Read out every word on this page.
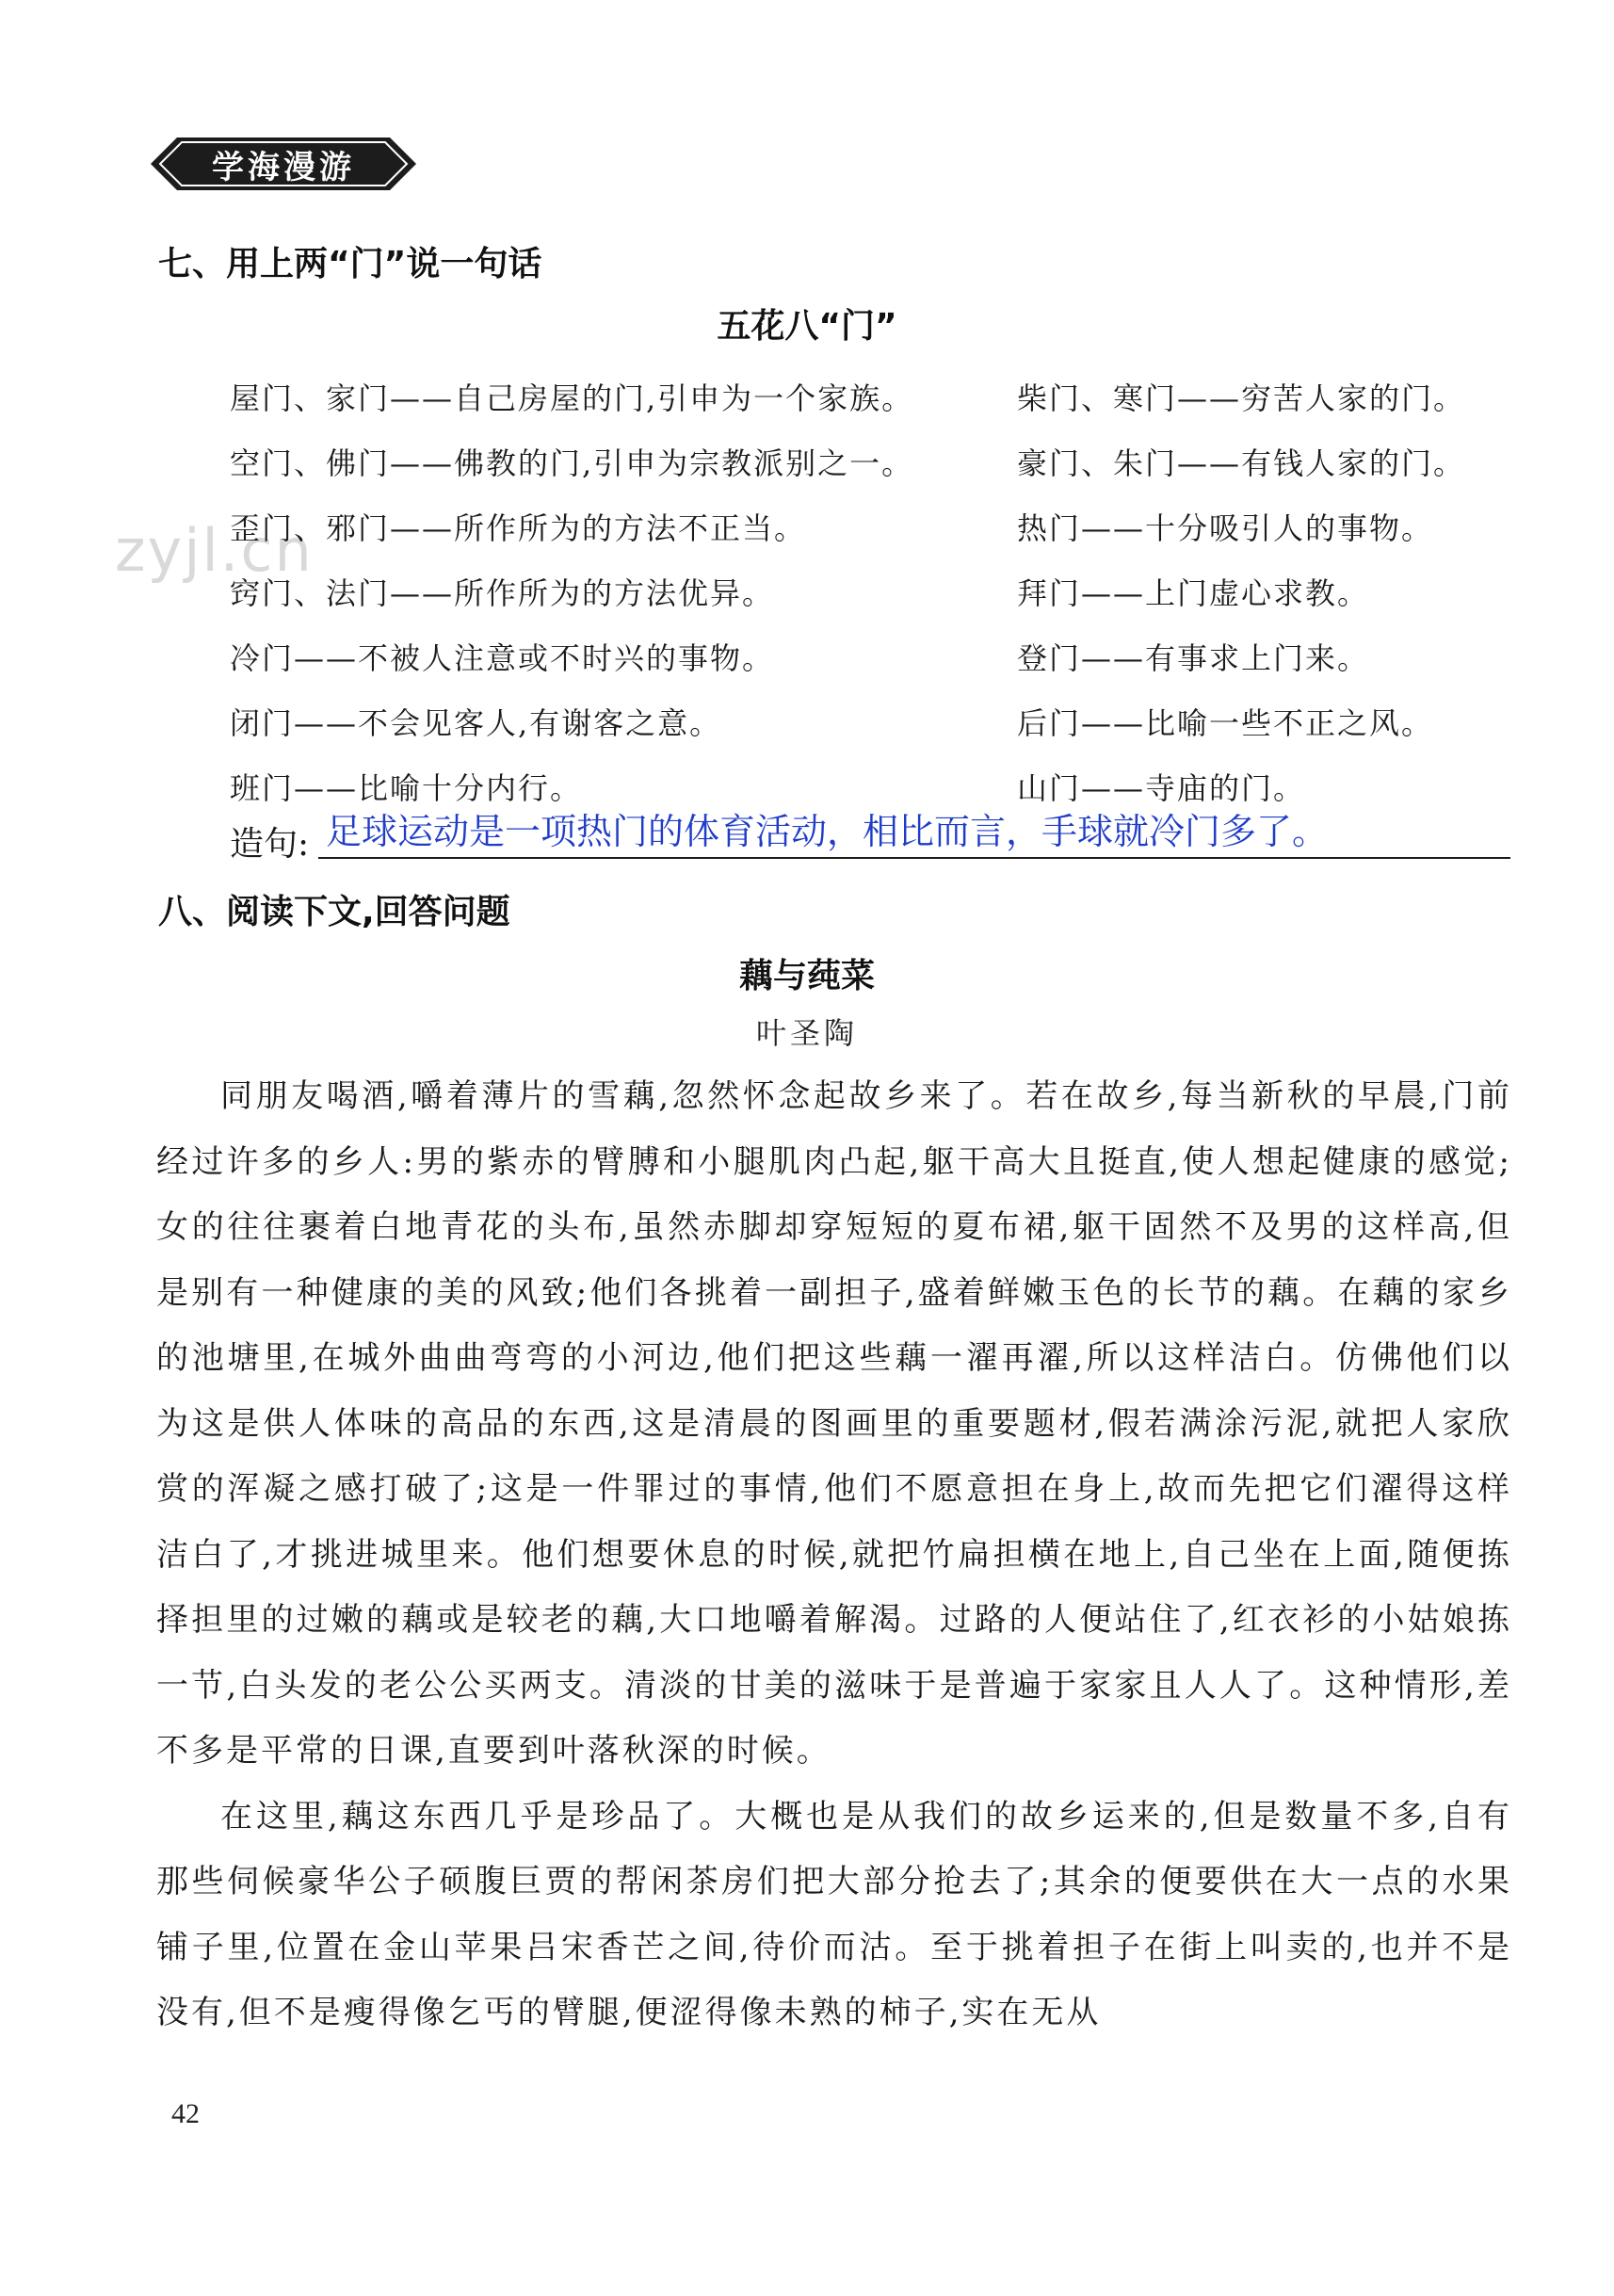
学海漫游
七、用上两“门”说一句话
五花八“门”
zyjl.cn
屋门、家门——自己房屋的门,引申为一个家族。	柴门、寒门——穷苦人家的门。
空门、佛门——佛教的门,引申为宗教派别之一。	豪门、朱门——有钱人家的门。
歪门、邪门——所作所为的方法不正当。	热门——十分吸引人的事物。
窍门、法门——所作所为的方法优异。	拜门——上门虚心求教。
冷门——不被人注意或不时兴的事物。	登门——有事求上门来。
闭门——不会见客人,有谢客之意。	后门——比喻一些不正之风。
班门——比喻十分内行。	山门——寺庙的门。
造句: 足球运动是一项热门的体育活动，相比而言，手球就冷门多了。
八、阅读下文,回答问题
藕与莼菜
叶圣陶

同朋友喝酒,嚼着薄片的雪藕,忽然怀念起故乡来了。若在故乡,每当新秋的早晨,门前经过许多的乡人:男的紫赤的臂膊和小腿肌肉凸起,躯干高大且挺直,使人想起健康的感觉;女的往往裹着白地青花的头布,虽然赤脚却穿短短的夏布裙,躯干固然不及男的这样高,但是别有一种健康的美的风致;他们各挑着一副担子,盛着鲜嫩玉色的长节的藕。在藕的家乡的池塘里,在城外曲曲弯弯的小河边,他们把这些藕一濯再濯,所以这样洁白。仿佛他们以为这是供人体味的高品的东西,这是清晨的图画里的重要题材,假若满涂污泥,就把人家欣赏的浑凝之感打破了;这是一件罪过的事情,他们不愿意担在身上,故而先把它们濯得这样洁白了,才挑进城里来。他们想要休息的时候,就把竹扁担横在地上,自己坐在上面,随便拣择担里的过嫩的藕或是较老的藕,大口地嚼着解渴。过路的人便站住了,红衣衫的小姑娘拣一节,白头发的老公公买两支。清淡的甘美的滋味于是普遍于家家且人人了。这种情形,差不多是平常的日课,直要到叶落秋深的时候。

在这里,藕这东西几乎是珍品了。大概也是从我们的故乡运来的,但是数量不多,自有那些伺候豪华公子硕腹巨贾的帮闲茶房们把大部分抢去了;其余的便要供在大一点的水果铺子里,位置在金山苹果吕宋香芒之间,待价而沽。至于挑着担子在街上叫卖的,也并不是没有,但不是瘦得像乞丐的臂腿,便涩得像未熟的柿子,实在无从

42
